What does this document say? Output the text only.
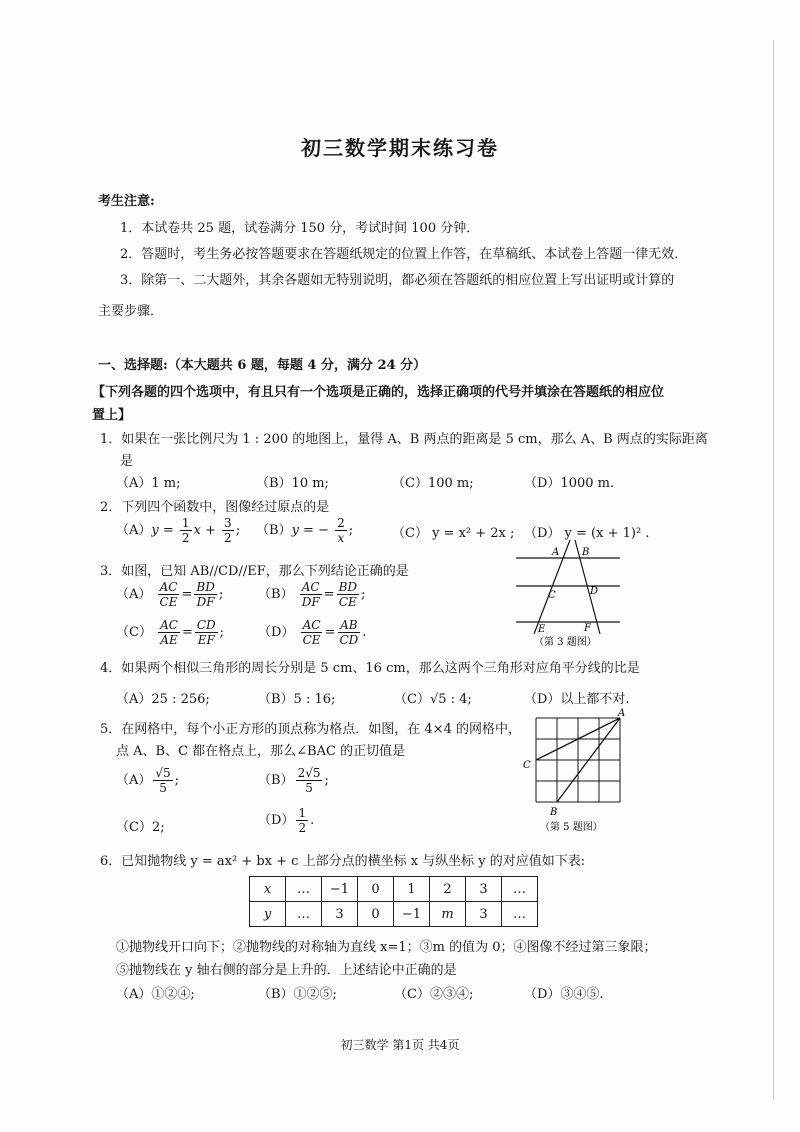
初三数学期末练习卷
考生注意:
1．本试卷共 25 题，试卷满分 150 分，考试时间 100 分钟．
2．答题时，考生务必按答题要求在答题纸规定的位置上作答，在草稿纸、本试卷上答题一律无效．
3．除第一、二大题外，其余各题如无特别说明，都必须在答题纸的相应位置上写出证明或计算的
主要步骤．
一、选择题:（本大题共 6 题，每题 4 分，满分 24 分）
【下列各题的四个选项中，有且只有一个选项是正确的，选择正确项的代号并填涂在答题纸的相应位
置上】
1．如果在一张比例尺为 1 : 200 的地图上，量得 A、B 两点的距离是 5 cm，那么 A、B 两点的实际距离
是
（A）1 m;	（B）10 m;	（C）100 m;	（D）1000 m.
2．下列四个函数中，图像经过原点的是
$(A)y = \frac{1}{2}$ $x + \frac{3}{2}$ ; （B）y = − $\frac{2}{x}$ ;	（C） y = x² + 2x ; （D） y = (x + 1)² .
3．如图，已知 AB//CD//EF，那么下列结论正确的是
$(A) \frac{AC}{CE} = \frac{BD}{DF}$ ;	$(B) \frac{AC}{DF} = \frac{BD}{CE}$ ;
$(C) \frac{AC}{AE} = \frac{CD}{EF}$ ;	$(D) \frac{AC}{CE} = \frac{AB}{CD}$ .
A B
C	D
E	F
（第 3 题图）
4．如果两个相似三角形的周长分别是 5 cm、16 cm，那么这两个三角形对应角平分线的比是
（A）25 : 256;	（B）5 : 16;	（C）√5 : 4;	（D）以上都不对.
5．在网格中，每个小正方形的顶点称为格点．如图，在 4×4 的网格中，
点 A、B、C 都在格点上，那么∠BAC 的正切值是
$(A) \frac{√5}{5}$ ;	$(B) \frac{2√5}{5}$ ;
（C）2;	$(D) \frac{1}{2}$ .
A
B
C
（第 5 题图）
6．已知抛物线 y = ax² + bx + c 上部分点的横坐标 x 与纵坐标 y 的对应值如下表:
x	…	−1	0	1	2	3	…
y	…	3	0	−1	m	3	…
①抛物线开口向下；②抛物线的对称轴为直线 x=1；③m 的值为 0；④图像不经过第三象限；
⑤抛物线在 y 轴右侧的部分是上升的．上述结论中正确的是
（A）①②④;	（B）①②⑤;	（C）②③④;	（D）③④⑤.
初三数学 第1页 共4页
